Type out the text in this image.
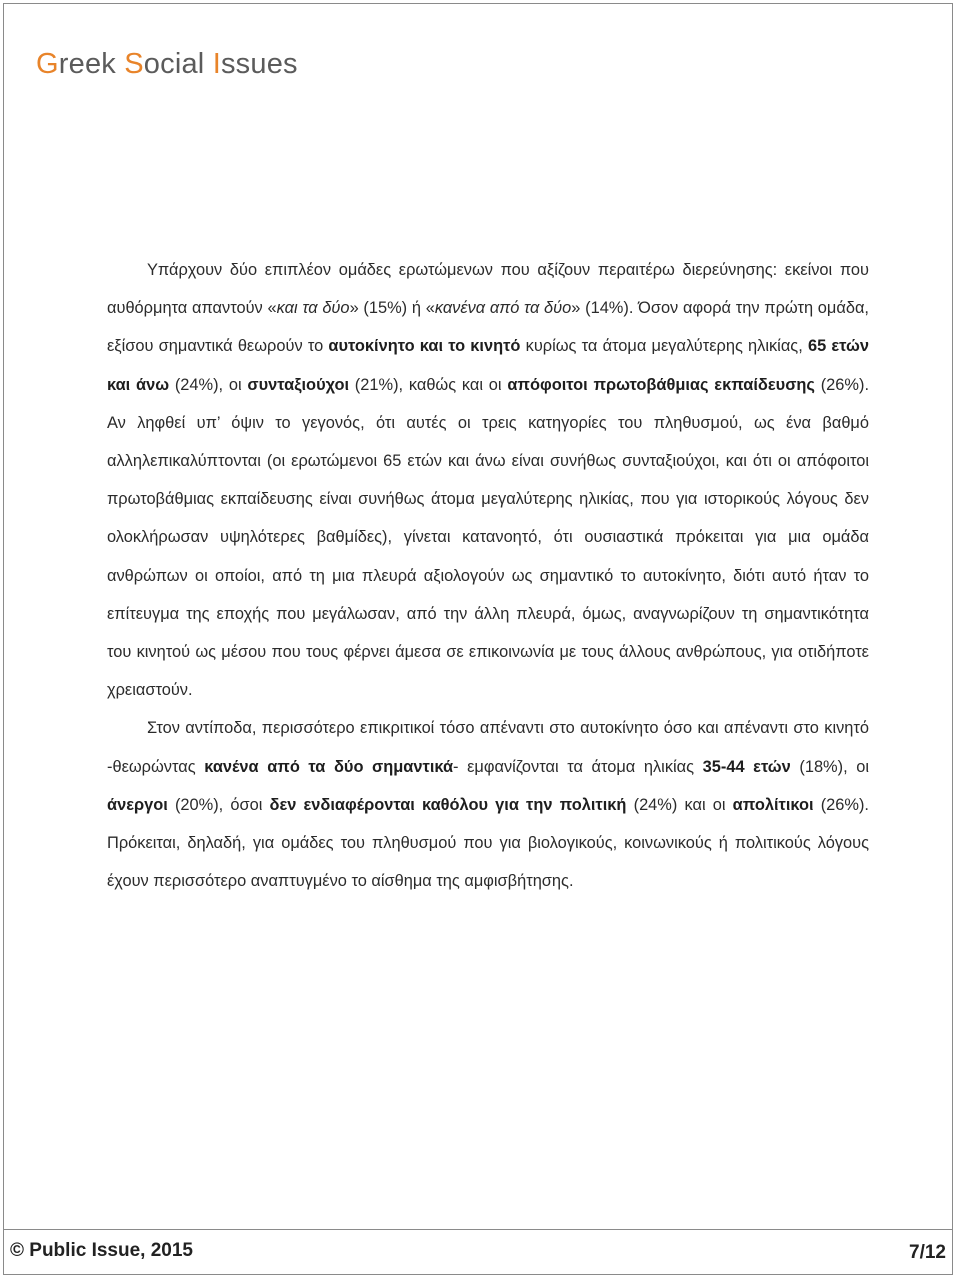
Greek Social Issues

Υπάρχουν δύο επιπλέον ομάδες ερωτώμενων που αξίζουν περαιτέρω διερεύνησης: εκείνοι που αυθόρμητα απαντούν «και τα δύο» (15%) ή «κανένα από τα δύο» (14%). Όσον αφορά την πρώτη ομάδα, εξίσου σημαντικά θεωρούν το αυτοκίνητο και το κινητό κυρίως τα άτομα μεγαλύτερης ηλικίας, 65 ετών και άνω (24%), οι συνταξιούχοι (21%), καθώς και οι απόφοιτοι πρωτοβάθμιας εκπαίδευσης (26%). Αν ληφθεί υπ’ όψιν το γεγονός, ότι αυτές οι τρεις κατηγορίες του πληθυσμού, ως ένα βαθμό αλληλεπικαλύπτονται (οι ερωτώμενοι 65 ετών και άνω είναι συνήθως συνταξιούχοι, και ότι οι απόφοιτοι πρωτοβάθμιας εκπαίδευσης είναι συνήθως άτομα μεγαλύτερης ηλικίας, που για ιστορικούς λόγους δεν ολοκλήρωσαν υψηλότερες βαθμίδες), γίνεται κατανοητό, ότι ουσιαστικά πρόκειται για μια ομάδα ανθρώπων οι οποίοι, από τη μια πλευρά αξιολογούν ως σημαντικό το αυτοκίνητο, διότι αυτό ήταν το επίτευγμα της εποχής που μεγάλωσαν, από την άλλη πλευρά, όμως, αναγνωρίζουν τη σημαντικότητα του κινητού ως μέσου που τους φέρνει άμεσα σε επικοινωνία με τους άλλους ανθρώπους, για οτιδήποτε χρειαστούν.

Στον αντίποδα, περισσότερο επικριτικοί τόσο απέναντι στο αυτοκίνητο όσο και απέναντι στο κινητό -θεωρώντας κανένα από τα δύο σημαντικά- εμφανίζονται τα άτομα ηλικίας 35-44 ετών (18%), οι άνεργοι (20%), όσοι δεν ενδιαφέρονται καθόλου για την πολιτική (24%) και οι απολίτικοι (26%). Πρόκειται, δηλαδή, για ομάδες του πληθυσμού που για βιολογικούς, κοινωνικούς ή πολιτικούς λόγους έχουν περισσότερο αναπτυγμένο το αίσθημα της αμφισβήτησης.

© Public Issue, 2015	7/12
